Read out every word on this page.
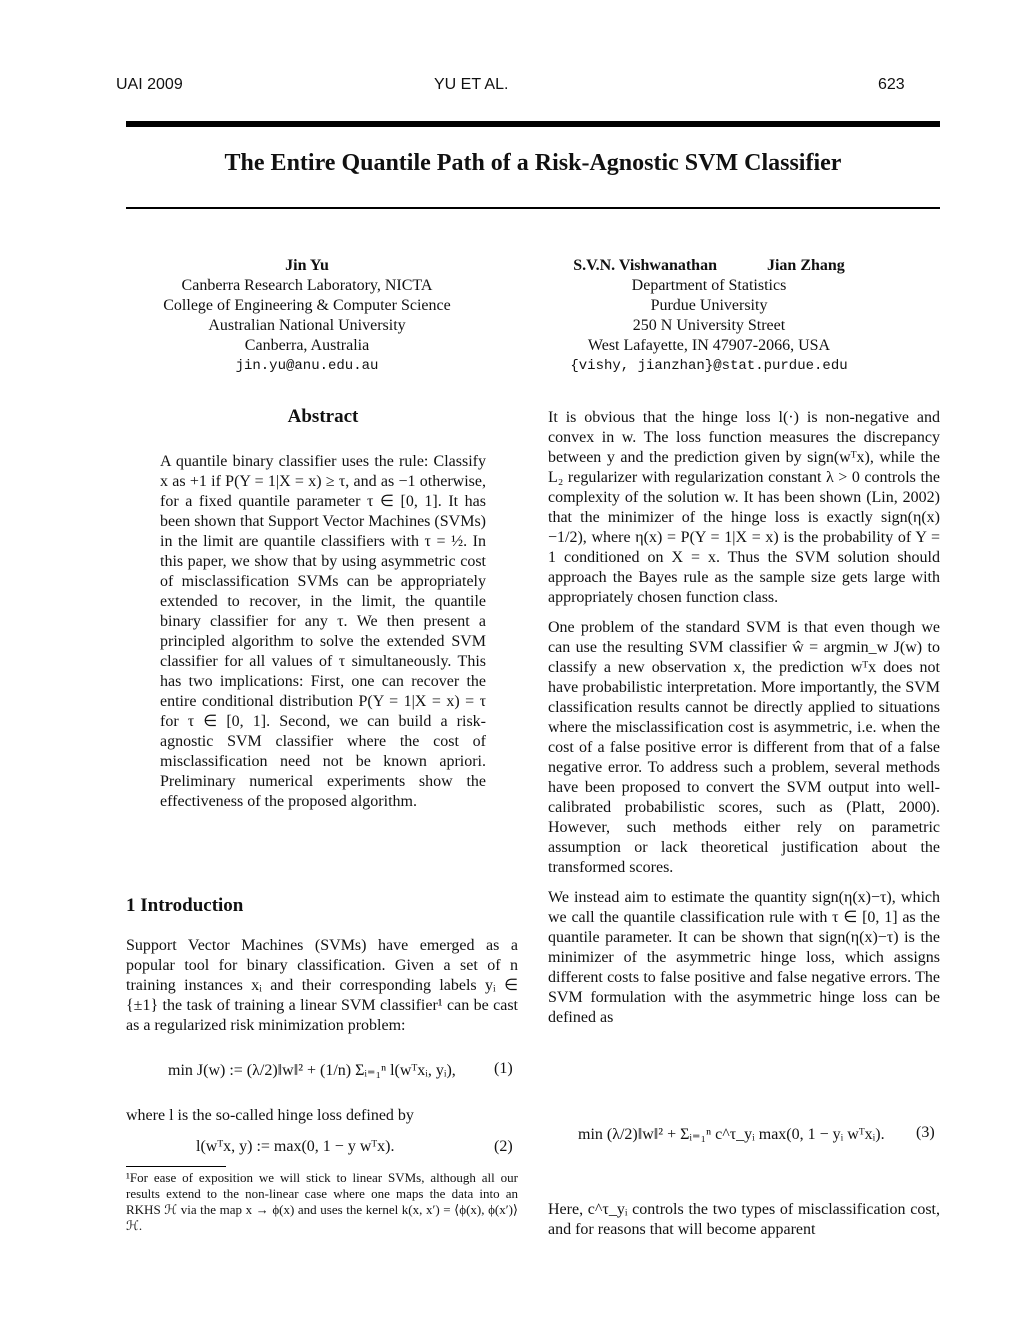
UAI 2009	YU ET AL.	623
The Entire Quantile Path of a Risk-Agnostic SVM Classifier
Jin Yu
Canberra Research Laboratory, NICTA
College of Engineering & Computer Science
Australian National University
Canberra, Australia
jin.yu@anu.edu.au
S.V.N. Vishwanathan	Jian Zhang
Department of Statistics
Purdue University
250 N University Street
West Lafayette, IN 47907-2066, USA
{vishy, jianzhan}@stat.purdue.edu
Abstract

A quantile binary classifier uses the rule: Classify x as +1 if P(Y = 1|X = x) ≥ τ, and as −1 otherwise, for a fixed quantile parameter τ ∈ [0, 1]. It has been shown that Support Vector Machines (SVMs) in the limit are quantile classifiers with τ = ½. In this paper, we show that by using asymmetric cost of misclassification SVMs can be appropriately extended to recover, in the limit, the quantile binary classifier for any τ. We then present a principled algorithm to solve the extended SVM classifier for all values of τ simultaneously. This has two implications: First, one can recover the entire conditional distribution P(Y = 1|X = x) = τ for τ ∈ [0, 1]. Second, we can build a risk-agnostic SVM classifier where the cost of misclassification need not be known apriori. Preliminary numerical experiments show the effectiveness of the proposed algorithm.

1 Introduction

Support Vector Machines (SVMs) have emerged as a popular tool for binary classification. Given a set of n training instances xᵢ and their corresponding labels yᵢ ∈ {±1} the task of training a linear SVM classifier¹ can be cast as a regularized risk minimization problem:

min J(w) := (λ/2)‖w‖² + (1/n) Σᵢ₌₁ⁿ l(wᵀxᵢ, yᵢ), (1)

where l is the so-called hinge loss defined by

l(wᵀx, y) := max(0, 1 − y wᵀx).	(2)
¹For ease of exposition we will stick to linear SVMs, although all our results extend to the non-linear case where one maps the data into an RKHS ℋ via the map x → ϕ(x) and uses the kernel k(x, x′) = ⟨ϕ(x), ϕ(x′)⟩ℋ.

It is obvious that the hinge loss l(·) is non-negative and convex in w. The loss function measures the discrepancy between y and the prediction given by sign(wᵀx), while the L₂ regularizer with regularization constant λ > 0 controls the complexity of the solution w. It has been shown (Lin, 2002) that the minimizer of the hinge loss is exactly sign(η(x)−1/2), where η(x) = P(Y = 1|X = x) is the probability of Y = 1 conditioned on X = x. Thus the SVM solution should approach the Bayes rule as the sample size gets large with appropriately chosen function class.

One problem of the standard SVM is that even though we can use the resulting SVM classifier ŵ = argmin_w J(w) to classify a new observation x, the prediction wᵀx does not have probabilistic interpretation. More importantly, the SVM classification results cannot be directly applied to situations where the misclassification cost is asymmetric, i.e. when the cost of a false positive error is different from that of a false negative error. To address such a problem, several methods have been proposed to convert the SVM output into well-calibrated probabilistic scores, such as (Platt, 2000). However, such methods either rely on parametric assumption or lack theoretical justification about the transformed scores.

We instead aim to estimate the quantity sign(η(x)−τ), which we call the quantile classification rule with τ ∈ [0, 1] as the quantile parameter. It can be shown that sign(η(x)−τ) is the minimizer of the asymmetric hinge loss, which assigns different costs to false positive and false negative errors. The SVM formulation with the asymmetric hinge loss can be defined as

min (λ/2)‖w‖² + Σᵢ₌₁ⁿ c^τ_yᵢ max(0, 1 − yᵢ wᵀxᵢ). (3)

Here, c^τ_yᵢ controls the two types of misclassification cost, and for reasons that will become apparent
